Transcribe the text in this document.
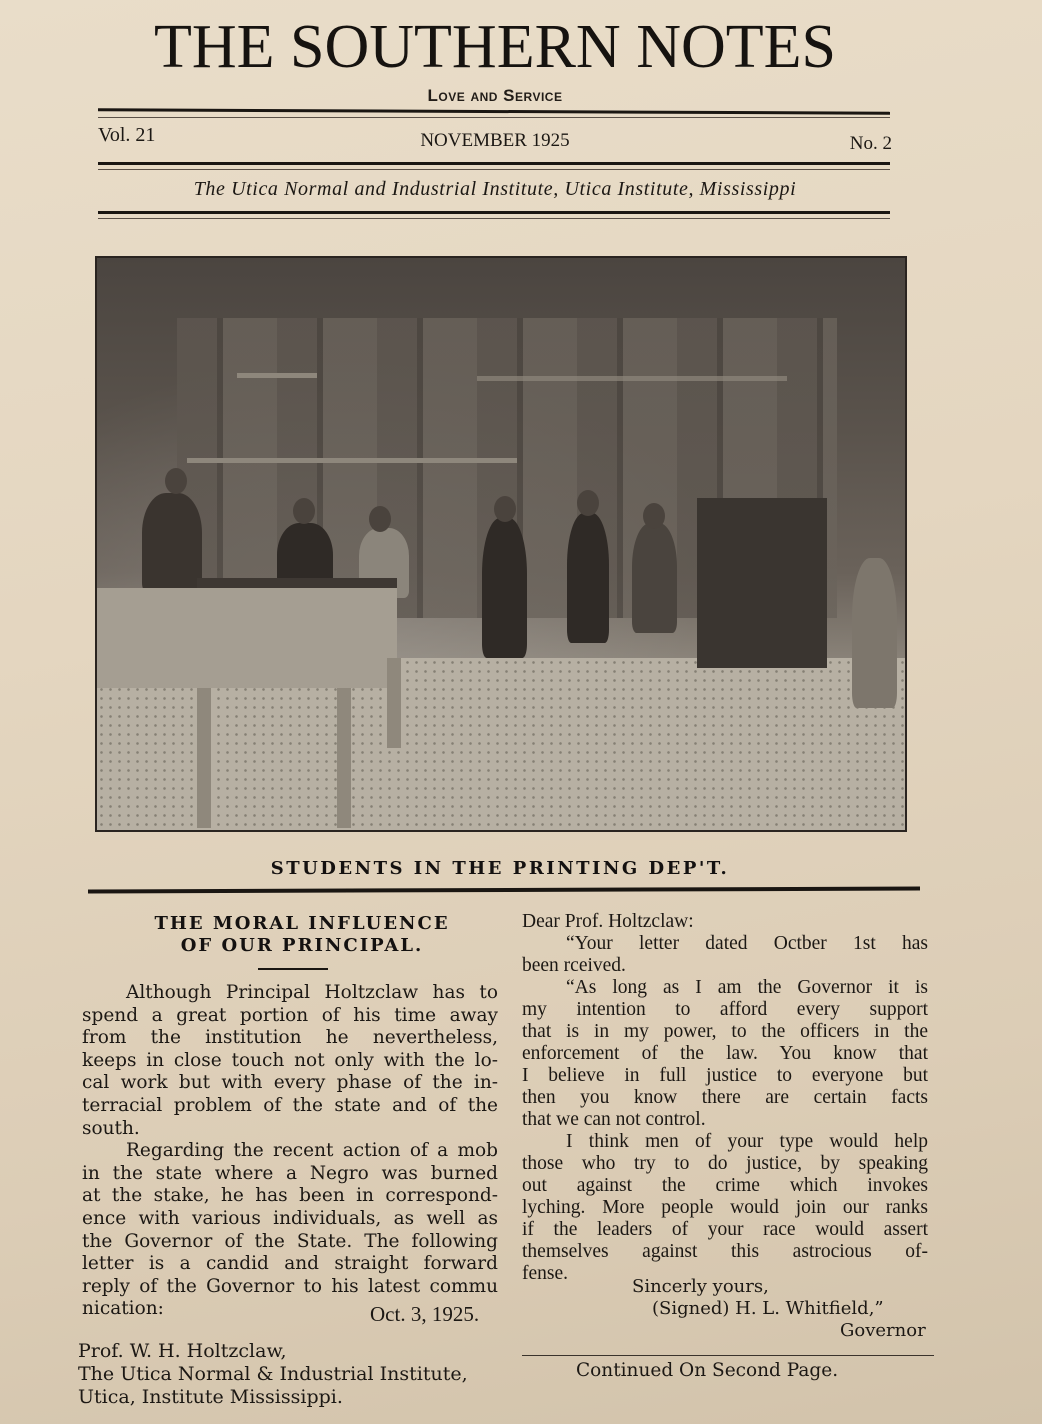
THE SOUTHERN NOTES
Love and Service
Vol. 21	NOVEMBER 1925	No. 2
The Utica Normal and Industrial Institute, Utica Institute, Mississippi
STUDENTS IN THE PRINTING DEP'T.
THE MORAL INFLUENCE
OF OUR PRINCIPAL.
Although Principal Holtzclaw has to
spend a great portion of his time away
from the institution he nevertheless,
keeps in close touch not only with the lo-
cal work but with every phase of the in-
terracial problem of the state and of the
south.
Regarding the recent action of a mob
in the state where a Negro was burned
at the stake, he has been in correspond-
ence with various individuals, as well as
the Governor of the State. The following
letter is a candid and straight forward
reply of the Governor to his latest commu
nication:	Oct. 3, 1925.
Prof. W. H. Holtzclaw,
The Utica Normal & Industrial Institute,
Utica, Institute Mississippi.
Dear Prof. Holtzclaw:
“Your letter dated Octber 1st has
been rceived.
“As long as I am the Governor it is
my intention to afford every support
that is in my power, to the officers in the
enforcement of the law. You know that
I believe in full justice to everyone but
then you know there are certain facts
that we can not control.
I think men of your type would help
those who try to do justice, by speaking
out against the crime which invokes
lyching. More people would join our ranks
if the leaders of your race would assert
themselves against this astrocious of-
fense.
Sincerly yours,
(Signed) H. L. Whitfield,”
Governor
Continued On Second Page.
